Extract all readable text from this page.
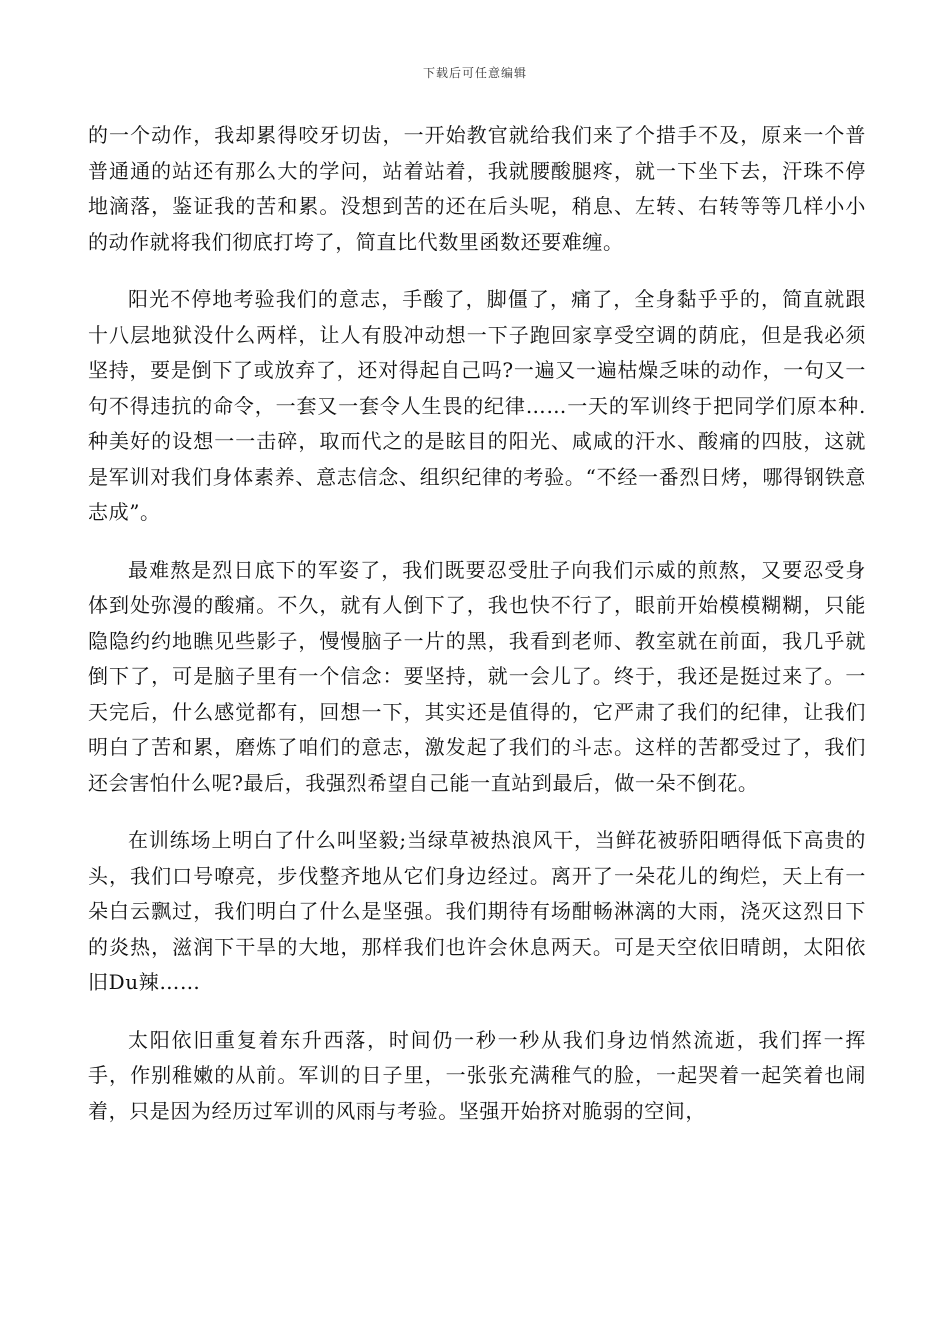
下载后可任意编辑

的一个动作，我却累得咬牙切齿，一开始教官就给我们来了个措手不及，原来一个普普通通的站还有那么大的学问，站着站着，我就腰酸腿疼，就一下坐下去，汗珠不停地滴落，鉴证我的苦和累。没想到苦的还在后头呢，稍息、左转、右转等等几样小小的动作就将我们彻底打垮了，简直比代数里函数还要难缠。

阳光不停地考验我们的意志，手酸了，脚僵了，痛了，全身黏乎乎的，简直就跟十八层地狱没什么两样，让人有股冲动想一下子跑回家享受空调的荫庇，但是我必须坚持，要是倒下了或放弃了，还对得起自己吗?一遍又一遍枯燥乏味的动作，一句又一句不得违抗的命令，一套又一套令人生畏的纪律……一天的军训终于把同学们原本种.种美好的设想一一击碎，取而代之的是眩目的阳光、咸咸的汗水、酸痛的四肢，这就是军训对我们身体素养、意志信念、组织纪律的考验。“不经一番烈日烤，哪得钢铁意志成”。

最难熬是烈日底下的军姿了，我们既要忍受肚子向我们示威的煎熬，又要忍受身体到处弥漫的酸痛。不久，就有人倒下了，我也快不行了，眼前开始模模糊糊，只能隐隐约约地瞧见些影子，慢慢脑子一片的黑，我看到老师、教室就在前面，我几乎就倒下了，可是脑子里有一个信念：要坚持，就一会儿了。终于，我还是挺过来了。一天完后，什么感觉都有，回想一下，其实还是值得的，它严肃了我们的纪律，让我们明白了苦和累，磨炼了咱们的意志，激发起了我们的斗志。这样的苦都受过了，我们还会害怕什么呢?最后，我强烈希望自己能一直站到最后，做一朵不倒花。

在训练场上明白了什么叫坚毅;当绿草被热浪风干，当鲜花被骄阳晒得低下高贵的头，我们口号嘹亮，步伐整齐地从它们身边经过。离开了一朵花儿的绚烂，天上有一朵白云飘过，我们明白了什么是坚强。我们期待有场酣畅淋漓的大雨，浇灭这烈日下的炎热，滋润下干旱的大地，那样我们也许会休息两天。可是天空依旧晴朗，太阳依旧Du辣……

太阳依旧重复着东升西落，时间仍一秒一秒从我们身边悄然流逝，我们挥一挥手，作别稚嫩的从前。军训的日子里，一张张充满稚气的脸，一起哭着一起笑着也闹着，只是因为经历过军训的风雨与考验。坚强开始挤对脆弱的空间，
